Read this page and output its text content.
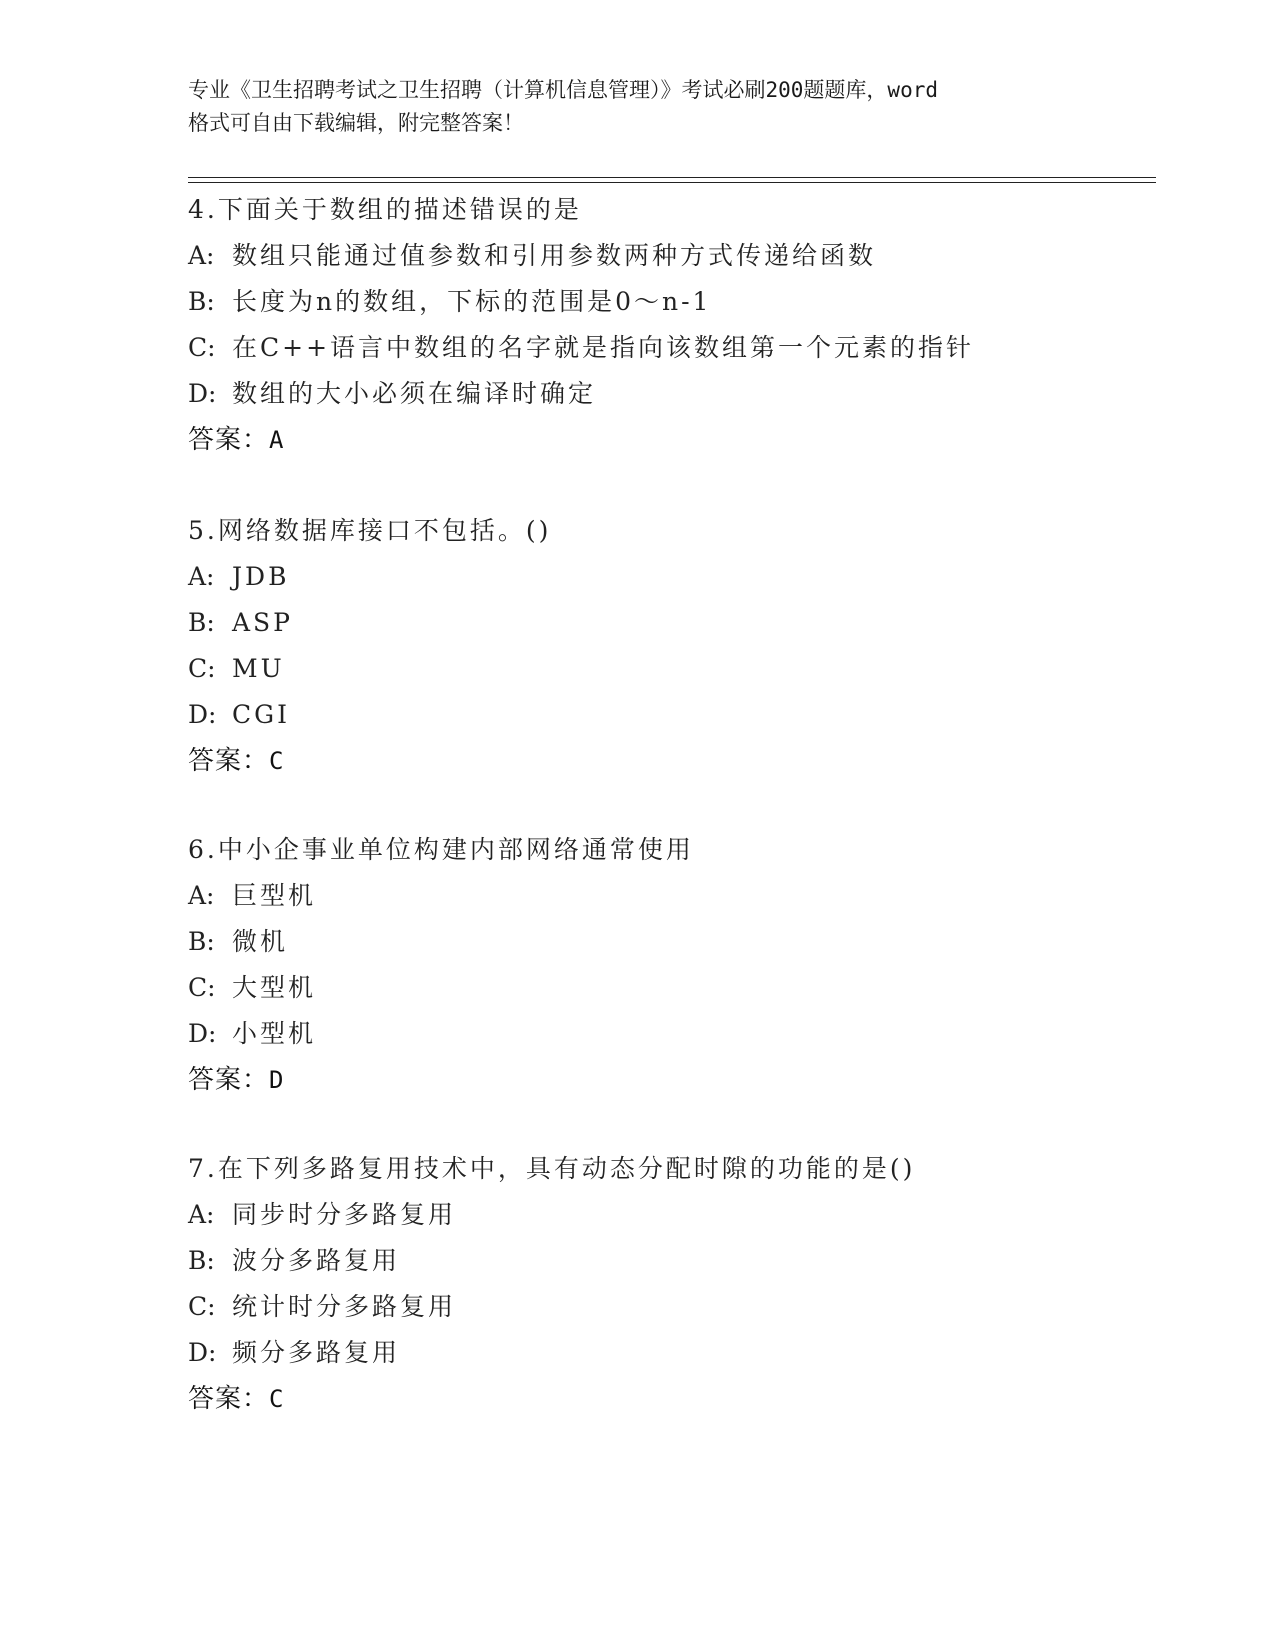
专业《卫生招聘考试之卫生招聘（计算机信息管理）》考试必刷200题题库，word
格式可自由下载编辑，附完整答案！
4.下面关于数组的描述错误的是
A: 数组只能通过值参数和引用参数两种方式传递给函数
B: 长度为n的数组，下标的范围是0～n-1
C: 在C++语言中数组的名字就是指向该数组第一个元素的指针
D: 数组的大小必须在编译时确定
答案：A
5.网络数据库接口不包括。()
A: JDB
B: ASP
C: MU
D: CGI
答案：C
6.中小企事业单位构建内部网络通常使用
A: 巨型机
B: 微机
C: 大型机
D: 小型机
答案：D
7.在下列多路复用技术中，具有动态分配时隙的功能的是()
A: 同步时分多路复用
B: 波分多路复用
C: 统计时分多路复用
D: 频分多路复用
答案：C
